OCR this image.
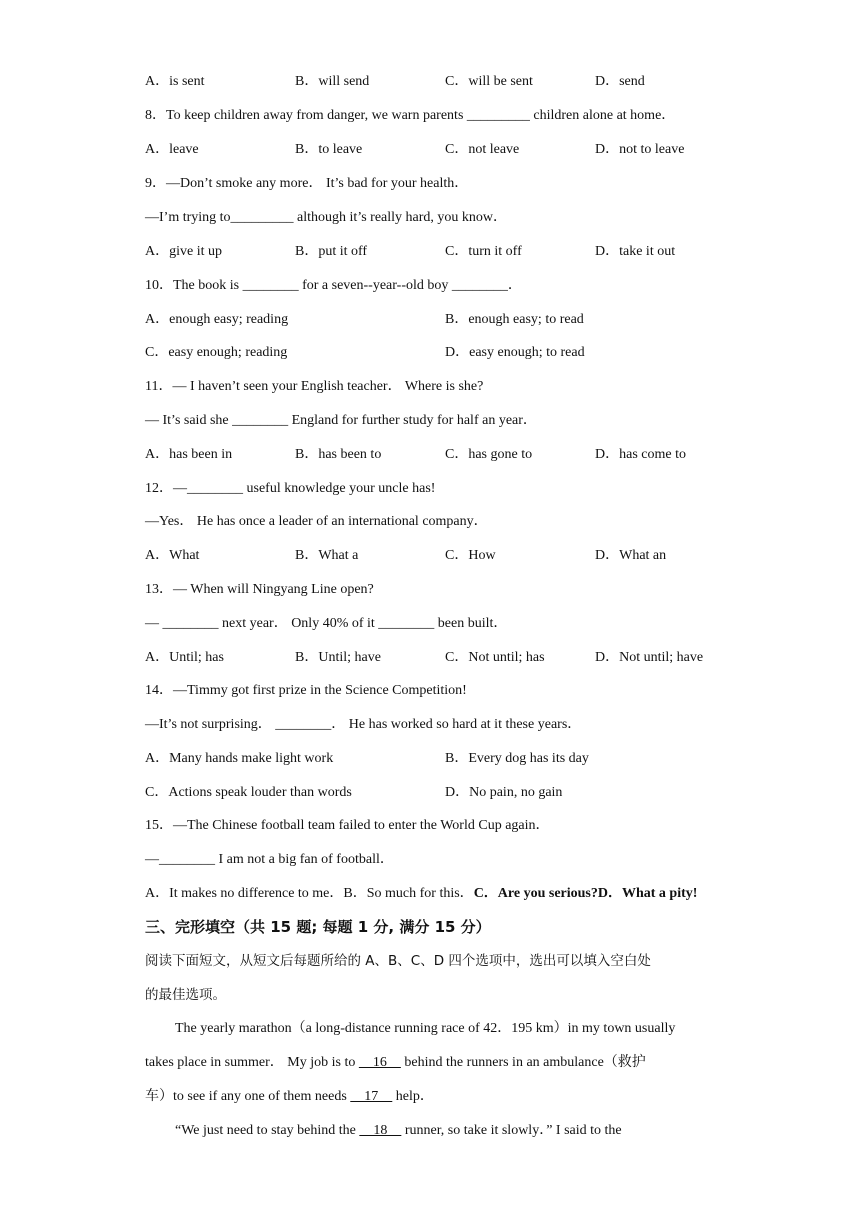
A．is sent	B．will send	C．will be sent	D．send
8．To keep children away from danger, we warn parents _________ children alone at home．
A．leave	B．to leave	C．not leave	D．not to leave
9．—Don’t smoke any more． It’s bad for your health．
—I’m trying to_________ although it’s really hard, you know．
A．give it up	B．put it off	C．turn it off	D．take it out
10．The book is ________ for a seven--year--old boy ________．
A．enough easy; reading	B．enough easy; to read
C．easy enough; reading	D．easy enough; to read
11．— I haven’t seen your English teacher． Where is she?
— It’s said she ________ England for further study for half an year．
A．has been in	B．has been to	C．has gone to	D．has come to
12．—________ useful knowledge your uncle has!
—Yes． He has once a leader of an international company．
A．What	B．What a	C．How	D．What an
13．— When will Ningyang Line open?
— ________ next year． Only 40% of it ________ been built．
A．Until; has	B．Until; have	C．Not until; has	D．Not until; have
14．—Timmy got first prize in the Science Competition!
—It’s not surprising． ________． He has worked so hard at it these years．
A．Many hands make light work	B．Every dog has its day
C．Actions speak louder than words	D．No pain, no gain
15．—The Chinese football team failed to enter the World Cup again．
—________ I am not a big fan of football．
A．It makes no difference to me．B．So much for this．C．Are you serious?D．What a pity!
三、完形填空（共 15 题; 每题 1 分, 满分 15 分）
阅读下面短文，从短文后每题所给的 A、B、C、D 四个选项中，选出可以填入空白处
的最佳选项。
The yearly marathon（a long-distance running race of 42．195 km）in my town usually
takes place in summer． My job is to     16     behind the runners in an ambulance（救护
车）to see if any one of them needs     17     help．
“We just need to stay behind the     18     runner, so take it slowly．” I said to the
